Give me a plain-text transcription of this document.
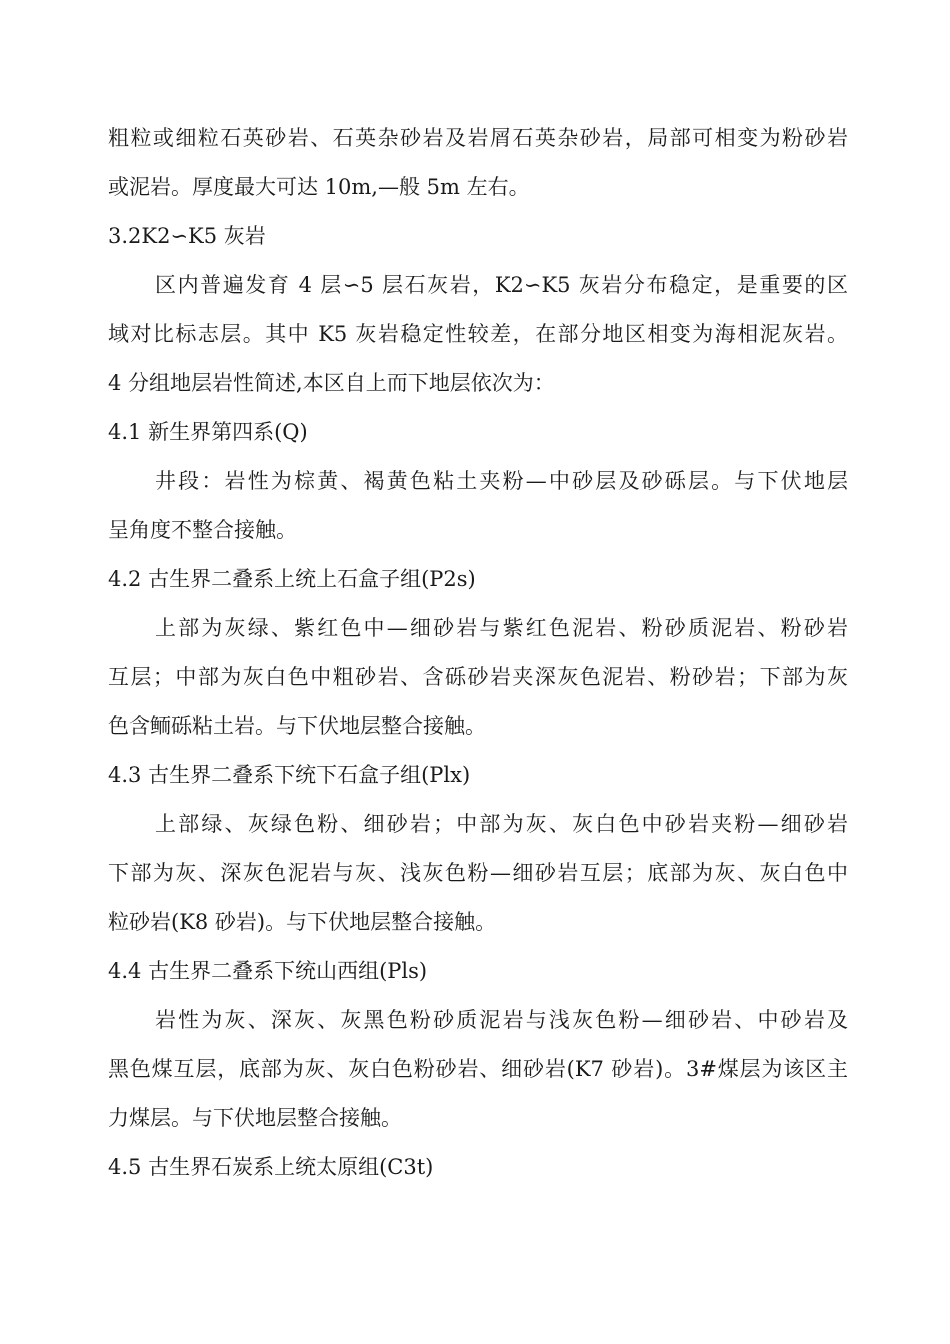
粗粒或细粒石英砂岩、石英杂砂岩及岩屑石英杂砂岩，局部可相变为粉砂岩
或泥岩。厚度最大可达 10m,—般 5m 左右。
3.2K2∽K5 灰岩
区内普遍发育 4 层∽5 层石灰岩，K2∽K5 灰岩分布稳定，是重要的区
域对比标志层。其中 K5 灰岩稳定性较差，在部分地区相变为海相泥灰岩。
4 分组地层岩性简述,本区自上而下地层依次为：
4.1 新生界第四系(Q)
井段：岩性为棕黄、褐黄色粘土夹粉—中砂层及砂砾层。与下伏地层
呈角度不整合接触。
4.2 古生界二叠系上统上石盒子组(P2s)
上部为灰绿、紫红色中—细砂岩与紫红色泥岩、粉砂质泥岩、粉砂岩
互层；中部为灰白色中粗砂岩、含砾砂岩夹深灰色泥岩、粉砂岩；下部为灰
色含鲕砾粘土岩。与下伏地层整合接触。
4.3 古生界二叠系下统下石盒子组(Plx)
上部绿、灰绿色粉、细砂岩；中部为灰、灰白色中砂岩夹粉—细砂岩
下部为灰、深灰色泥岩与灰、浅灰色粉—细砂岩互层；底部为灰、灰白色中
粒砂岩(K8 砂岩)。与下伏地层整合接触。
4.4 古生界二叠系下统山西组(Pls)
岩性为灰、深灰、灰黑色粉砂质泥岩与浅灰色粉—细砂岩、中砂岩及
黑色煤互层，底部为灰、灰白色粉砂岩、细砂岩(K7 砂岩)。3#煤层为该区主
力煤层。与下伏地层整合接触。
4.5 古生界石炭系上统太原组(C3t)
